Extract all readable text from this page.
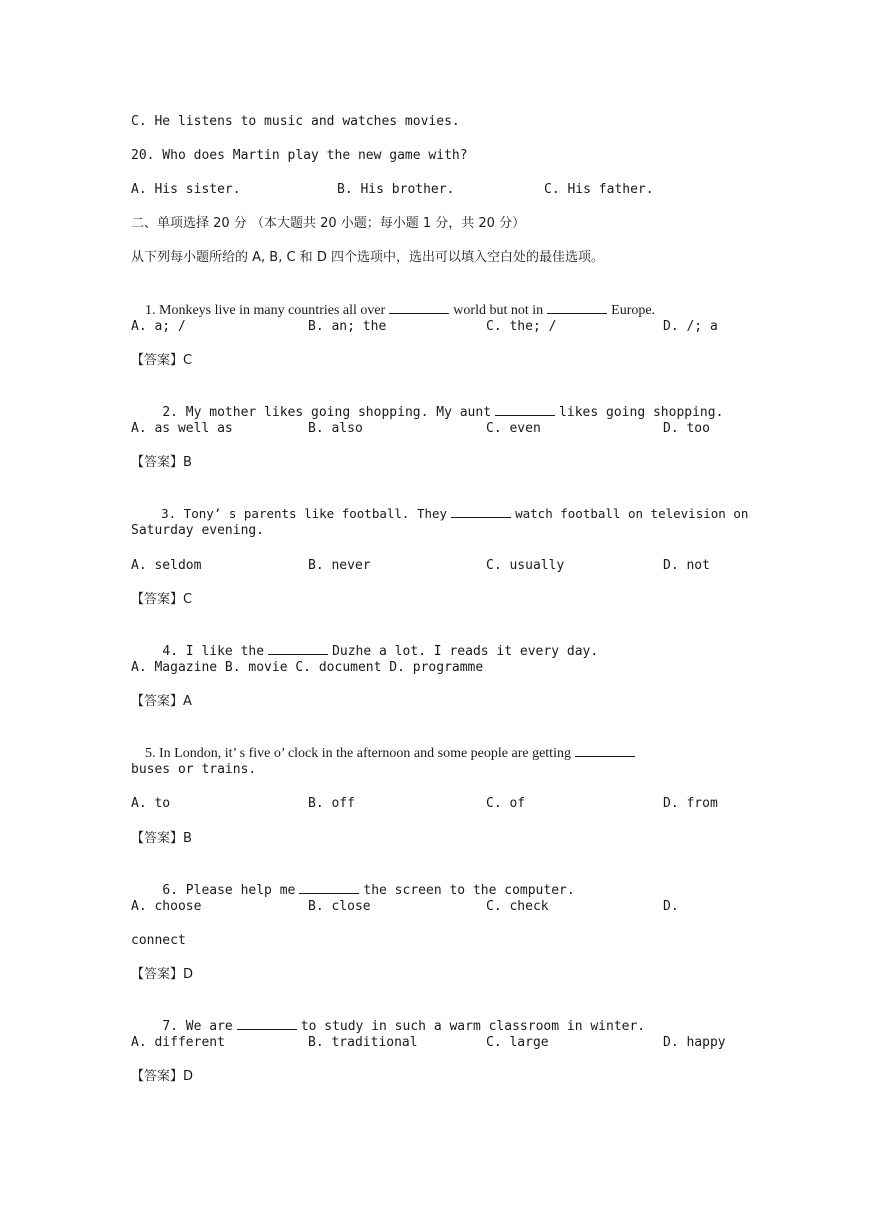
C. He listens to music and watches movies.
20. Who does Martin play the new game with?
A. His sister.	B. His brother.	C. His father.
二、单项选择 20 分 （本大题共 20 小题；每小题 1 分，共 20 分）
从下列每小题所给的 A, B, C 和 D 四个选项中，选出可以填入空白处的最佳选项。

1. Monkeys live in many countries all over	world but not in	Europe.

A. a; /	B. an; the	C. the; /	D. /; a
【答案】C

2. My mother likes going shopping. My aunt	likes going shopping.

A. as well as	B. also	C. even	D. too
【答案】B

3. Tony’ s parents like football. They	watch football on television on

Saturday evening.
A. seldom	B. never	C. usually	D. not
【答案】C

4. I like the	Duzhe a lot. I reads it every day.

A. Magazine B. movie C. document D. programme
【答案】A

5. In London, it’ s five o’ clock in the afternoon and some people are getting

buses or trains.
A. to	B. off	C. of	D. from
【答案】B

6. Please help me	the screen to the computer.

A. choose	B. close	C. check	D.
connect
【答案】D

7. We are	to study in such a warm classroom in winter.

A. different	B. traditional	C. large	D. happy
【答案】D
